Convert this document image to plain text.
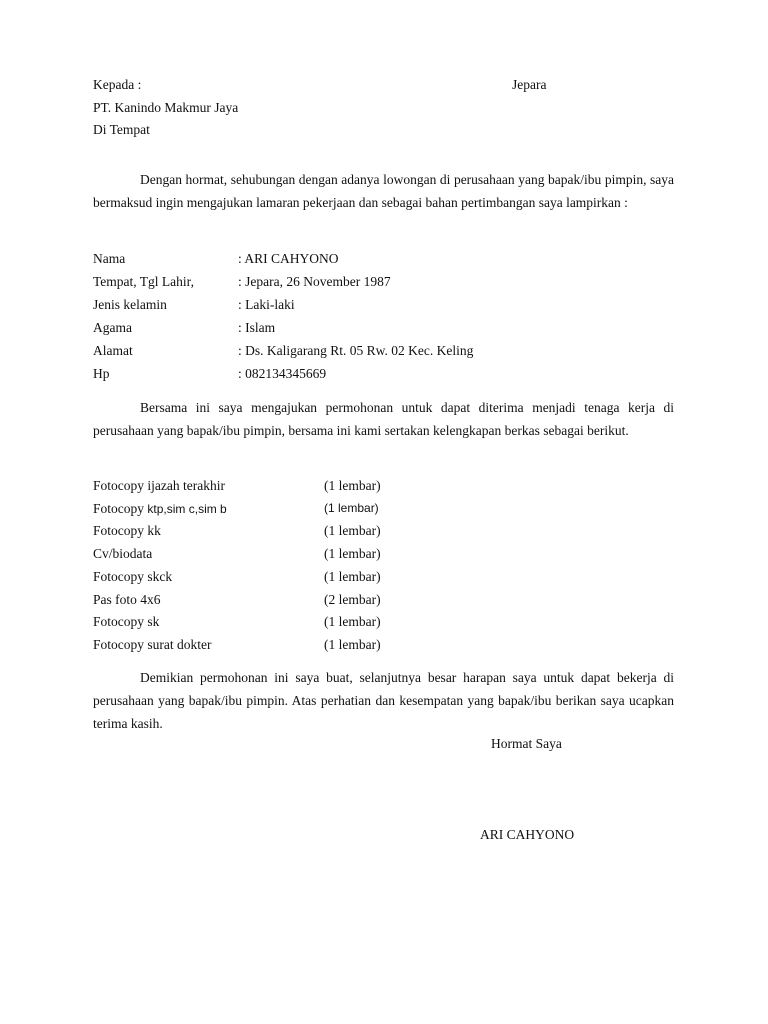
Kepada :	Jepara
PT. Kanindo Makmur Jaya
Di Tempat
Dengan hormat, sehubungan dengan adanya lowongan di perusahaan yang bapak/ibu pimpin, saya bermaksud ingin mengajukan lamaran pekerjaan dan sebagai bahan pertimbangan saya lampirkan :
Nama	: ARI CAHYONO
Tempat, Tgl Lahir,	: Jepara, 26 November 1987
Jenis kelamin	: Laki-laki
Agama	: Islam
Alamat	: Ds. Kaligarang Rt. 05 Rw. 02 Kec. Keling
Hp	: 082134345669
Bersama ini saya mengajukan permohonan untuk dapat diterima menjadi tenaga kerja di perusahaan yang bapak/ibu pimpin, bersama ini kami sertakan kelengkapan berkas sebagai berikut.
Fotocopy ijazah terakhir	(1 lembar)
Fotocopy ktp,sim c,sim b	(1 lembar)
Fotocopy kk	(1 lembar)
Cv/biodata	(1 lembar)
Fotocopy skck	(1 lembar)
Pas foto 4x6	(2 lembar)
Fotocopy sk	(1 lembar)
Fotocopy surat dokter	(1 lembar)
Demikian permohonan ini saya buat, selanjutnya besar harapan saya untuk dapat bekerja di perusahaan yang bapak/ibu pimpin. Atas perhatian dan kesempatan yang bapak/ibu berikan saya ucapkan terima kasih.
Hormat Saya
ARI CAHYONO
